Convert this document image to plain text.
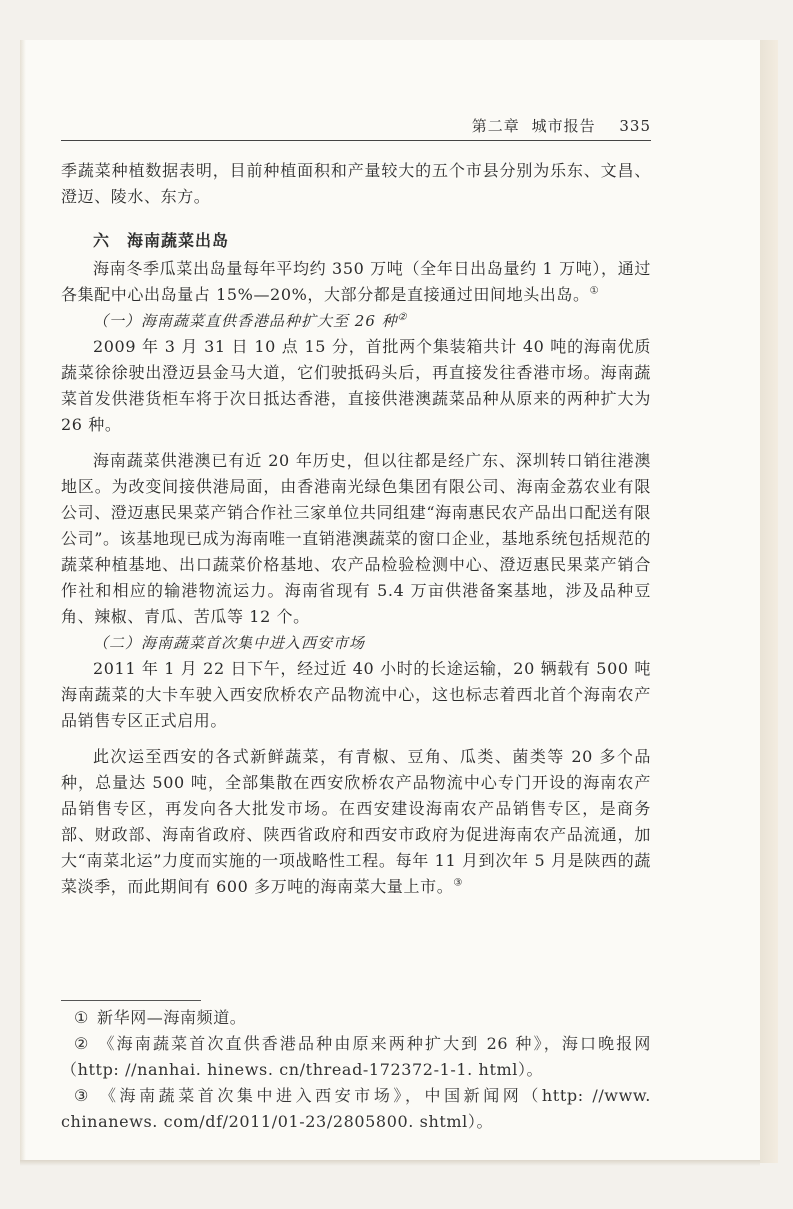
第二章 城市报告 335

季蔬菜种植数据表明，目前种植面积和产量较大的五个市县分别为乐东、文昌、澄迈、陵水、东方。

六　海南蔬菜出岛

海南冬季瓜菜出岛量每年平均约 350 万吨（全年日出岛量约 1 万吨），通过各集配中心出岛量占 15%—20%，大部分都是直接通过田间地头出岛。①

（一）海南蔬菜直供香港品种扩大至 26 种②

2009 年 3 月 31 日 10 点 15 分，首批两个集装箱共计 40 吨的海南优质蔬菜徐徐驶出澄迈县金马大道，它们驶抵码头后，再直接发往香港市场。海南蔬菜首发供港货柜车将于次日抵达香港，直接供港澳蔬菜品种从原来的两种扩大为 26 种。

海南蔬菜供港澳已有近 20 年历史，但以往都是经广东、深圳转口销往港澳地区。为改变间接供港局面，由香港南光绿色集团有限公司、海南金荔农业有限公司、澄迈惠民果菜产销合作社三家单位共同组建“海南惠民农产品出口配送有限公司”。该基地现已成为海南唯一直销港澳蔬菜的窗口企业，基地系统包括规范的蔬菜种植基地、出口蔬菜价格基地、农产品检验检测中心、澄迈惠民果菜产销合作社和相应的输港物流运力。海南省现有 5.4 万亩供港备案基地，涉及品种豆角、辣椒、青瓜、苦瓜等 12 个。

（二）海南蔬菜首次集中进入西安市场

2011 年 1 月 22 日下午，经过近 40 小时的长途运输，20 辆载有 500 吨海南蔬菜的大卡车驶入西安欣桥农产品物流中心，这也标志着西北首个海南农产品销售专区正式启用。

此次运至西安的各式新鲜蔬菜，有青椒、豆角、瓜类、菌类等 20 多个品种，总量达 500 吨，全部集散在西安欣桥农产品物流中心专门开设的海南农产品销售专区，再发向各大批发市场。在西安建设海南农产品销售专区，是商务部、财政部、海南省政府、陕西省政府和西安市政府为促进海南农产品流通，加大“南菜北运”力度而实施的一项战略性工程。每年 11 月到次年 5 月是陕西的蔬菜淡季，而此期间有 600 多万吨的海南菜大量上市。③

① 新华网—海南频道。

② 《海南蔬菜首次直供香港品种由原来两种扩大到 26 种》，海口晚报网（http: //nanhai. hinews. cn/thread-172372-1-1. html）。

③ 《海南蔬菜首次集中进入西安市场》，中国新闻网（http: //www. chinanews. com/df/2011/01-23/2805800. shtml）。
